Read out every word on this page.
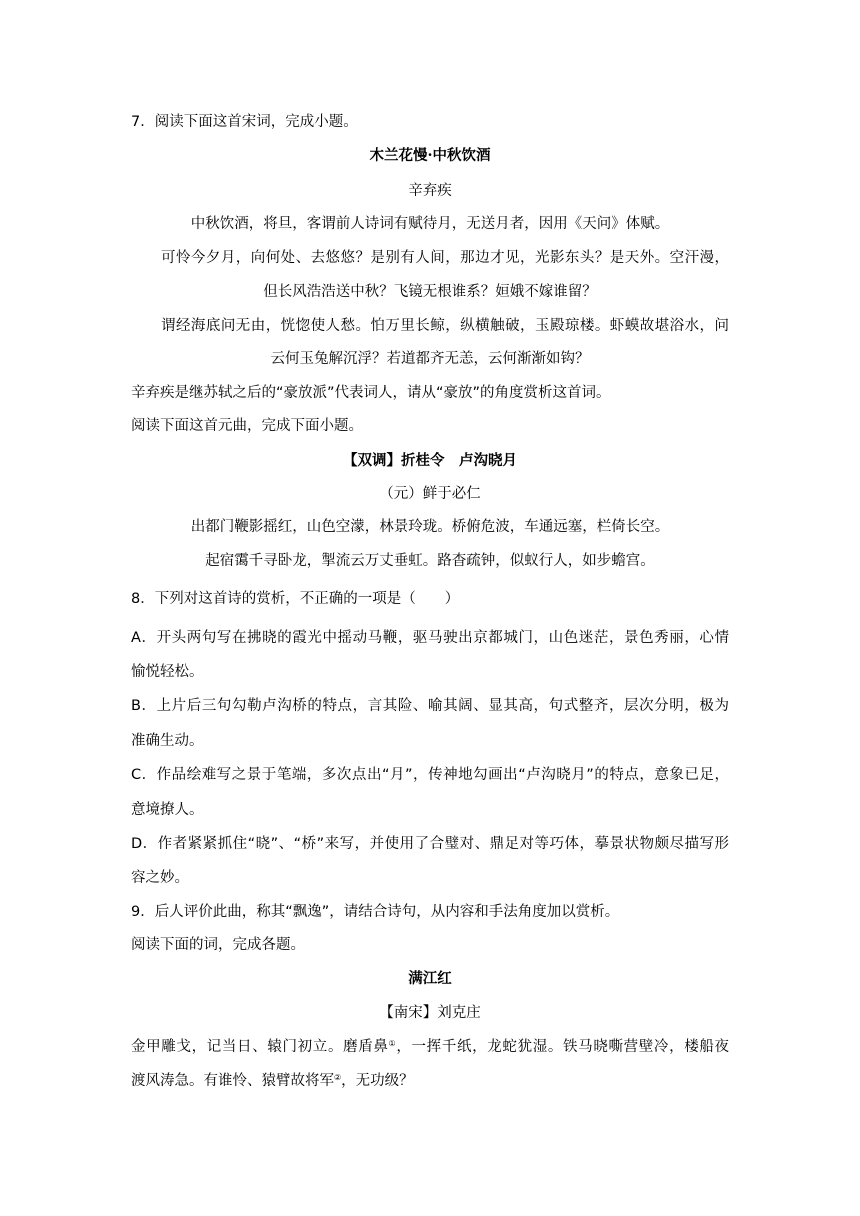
7．阅读下面这首宋词，完成小题。
木兰花慢·中秋饮酒
辛弃疾
中秋饮酒，将旦，客谓前人诗词有赋待月，无送月者，因用《天问》体赋。
可怜今夕月，向何处、去悠悠？是别有人间，那边才见，光影东头？是天外。空汗漫，
但长风浩浩送中秋？飞镜无根谁系？姮娥不嫁谁留？
谓经海底问无由，恍惚使人愁。怕万里长鲸，纵横触破，玉殿琼楼。虾蟆故堪浴水，问
云何玉兔解沉浮？若道都齐无恙，云何渐渐如钩？
辛弃疾是继苏轼之后的“豪放派”代表词人，请从“豪放”的角度赏析这首词。
阅读下面这首元曲，完成下面小题。
【双调】折桂令　卢沟晓月
（元）鲜于必仁
出都门鞭影摇红，山色空濛，林景玲珑。桥俯危波，车通远塞，栏倚长空。
起宿霭千寻卧龙，掣流云万丈垂虹。路杳疏钟，似蚁行人，如步蟾宫。
8．下列对这首诗的赏析，不正确的一项是（　　）
A．开头两句写在拂晓的霞光中摇动马鞭，驱马驶出京都城门，山色迷茫，景色秀丽，心情
愉悦轻松。
B．上片后三句勾勒卢沟桥的特点，言其险、喻其阔、显其高，句式整齐，层次分明，极为
准确生动。
C．作品绘难写之景于笔端，多次点出“月”，传神地勾画出“卢沟晓月”的特点，意象已足，
意境撩人。
D．作者紧紧抓住“晓”、“桥”来写，并使用了合璧对、鼎足对等巧体，摹景状物颇尽描写形
容之妙。
9．后人评价此曲，称其“飘逸”，请结合诗句，从内容和手法角度加以赏析。
阅读下面的词，完成各题。
满江红
【南宋】刘克庄
金甲雕戈，记当日、辕门初立。磨盾鼻①，一挥千纸，龙蛇犹湿。铁马晓嘶营壁冷，楼船夜
渡风涛急。有谁怜、猿臂故将军②，无功级？
